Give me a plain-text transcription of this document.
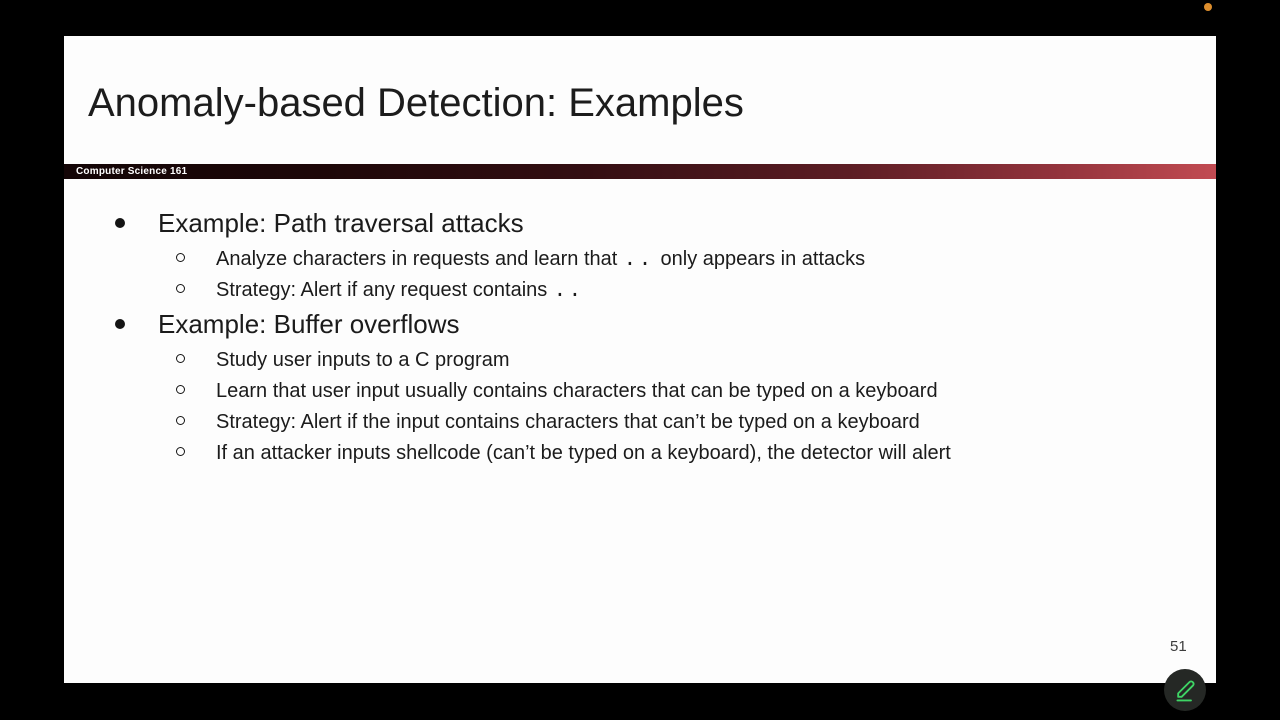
Anomaly-based Detection: Examples
Computer Science 161
Example: Path traversal attacks
Analyze characters in requests and learn that .. only appears in attacks
Strategy: Alert if any request contains ..
Example: Buffer overflows
Study user inputs to a C program
Learn that user input usually contains characters that can be typed on a keyboard
Strategy: Alert if the input contains characters that can’t be typed on a keyboard
If an attacker inputs shellcode (can’t be typed on a keyboard), the detector will alert
51
